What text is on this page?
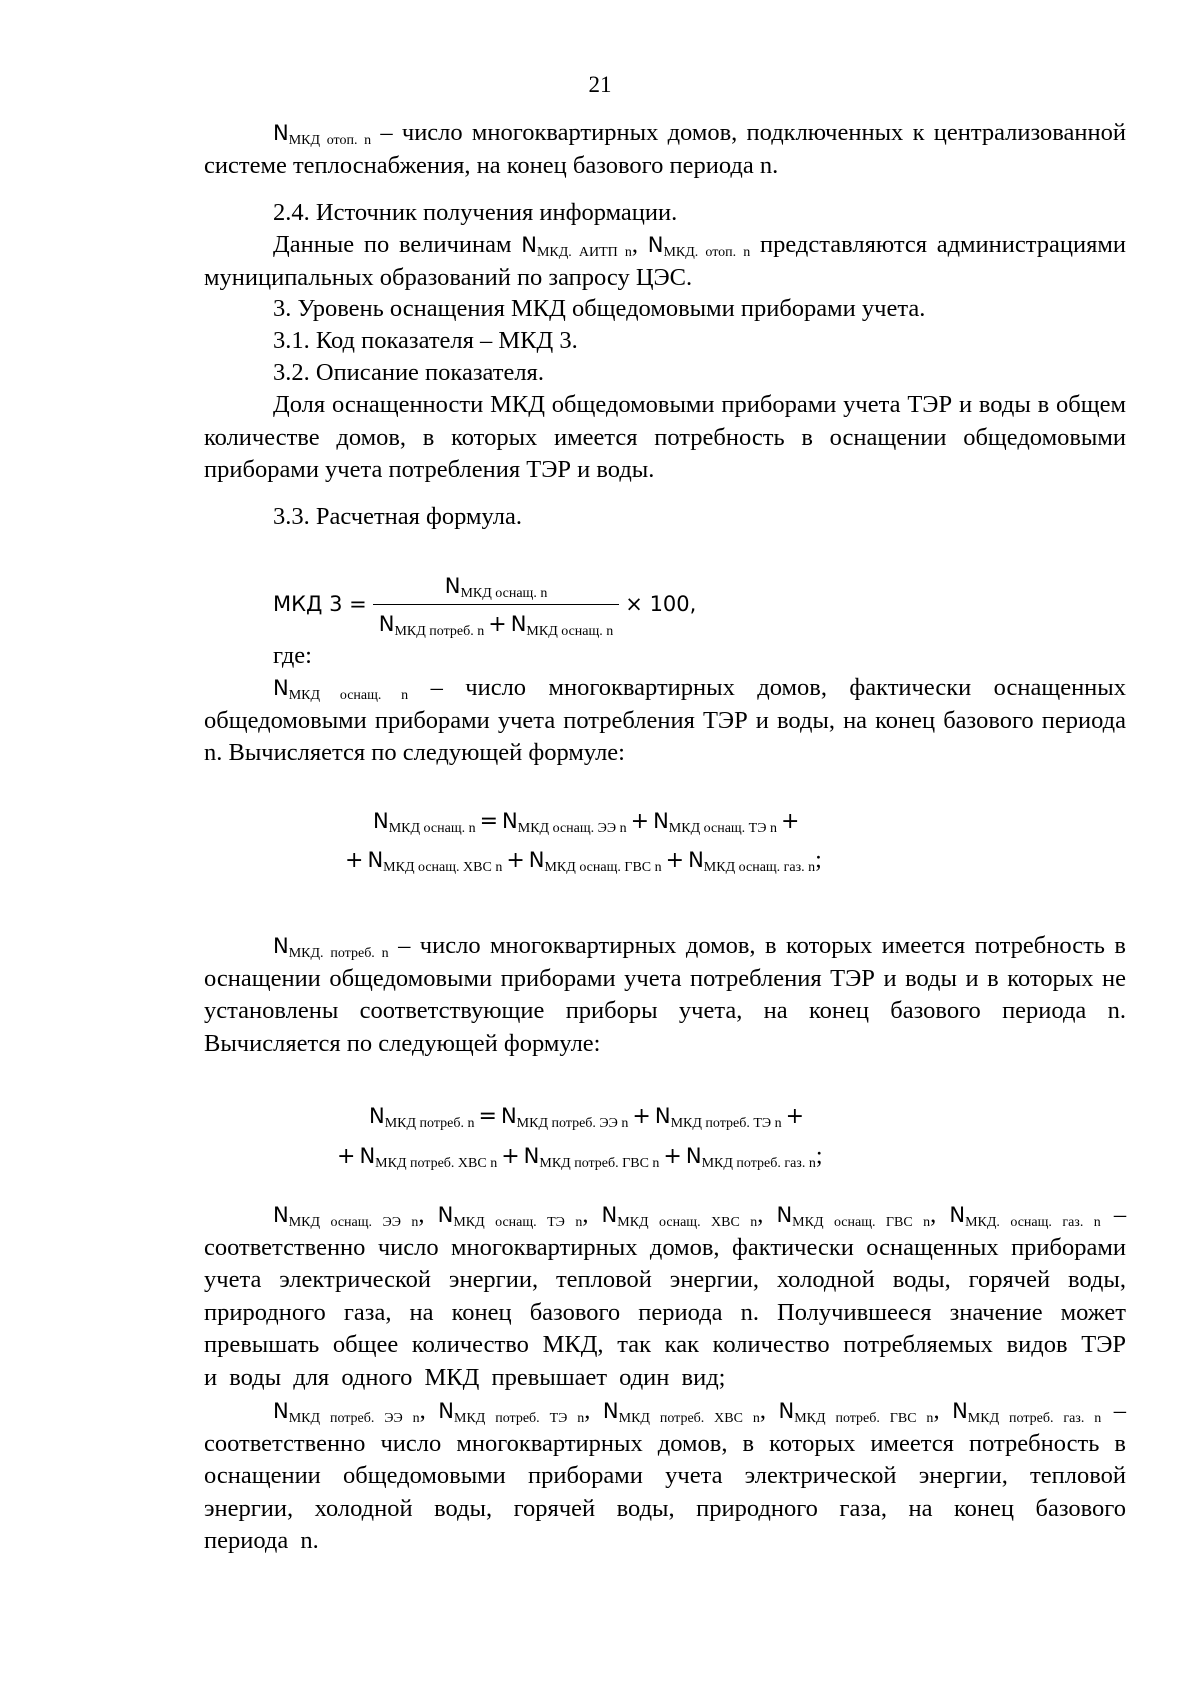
21

$N_{МКД отоп. n}$ – число многоквартирных домов, подключенных к централизованной системе теплоснабжения, на конец базового периода n.

2.4. Источник получения информации.

Данные по величинам $N_{МКД. АИТП n}$, $N_{МКД. отоп. n}$ представляются администрациями муниципальных образований по запросу ЦЭС.

3. Уровень оснащения МКД общедомовыми приборами учета.

3.1. Код показателя – МКД 3.

3.2. Описание показателя.

Доля оснащенности МКД общедомовыми приборами учета ТЭР и воды в общем количестве домов, в которых имеется потребность в оснащении общедомовыми приборами учета потребления ТЭР и воды.

3.3. Расчетная формула.

МКД $3 = \frac{N_{МКД оснащ. n}}{N_{МКД потреб. n} + N_{МКД оснащ. n}} \times 100$,

где:

$N_{МКД оснащ. n}$ – число многоквартирных домов, фактически оснащенных общедомовыми приборами учета потребления ТЭР и воды, на конец базового периода n. Вычисляется по следующей формуле:

$N_{МКД оснащ. n} = N_{МКД оснащ. ЭЭ n} + N_{МКД оснащ. ТЭ n}$ +
+ $N_{МКД оснащ. ХВС n} + N_{МКД оснащ. ГВС n} + N_{МКД оснащ. газ. n}$;

$N_{МКД. потреб. n}$ – число многоквартирных домов, в которых имеется потребность в оснащении общедомовыми приборами учета потребления ТЭР и воды и в которых не установлены соответствующие приборы учета, на конец базового периода n. Вычисляется по следующей формуле:

$N_{МКД потреб. n} = N_{МКД потреб. ЭЭ n} + N_{МКД потреб. ТЭ n}$ +
+ $N_{МКД потреб. ХВС n} + N_{МКД потреб. ГВС n} + N_{МКД потреб. газ. n}$;

$N_{МКД оснащ. ЭЭ n}$, $N_{МКД оснащ. ТЭ n}$, $N_{МКД оснащ. ХВС n}$, $N_{МКД оснащ. ГВС n}$, $N_{МКД. оснащ. газ. n}$ – соответственно число многоквартирных домов, фактически оснащенных приборами учета электрической энергии, тепловой энергии, холодной воды, горячей воды, природного газа, на конец базового периода n. Получившееся значение может превышать общее количество МКД, так как количество потребляемых видов ТЭР и воды для одного МКД превышает один вид;

$N_{МКД потреб. ЭЭ n}$, $N_{МКД потреб. ТЭ n}$, $N_{МКД потреб. ХВС n}$, $N_{МКД потреб. ГВС n}$, $N_{МКД потреб. газ. n}$ – соответственно число многоквартирных домов, в которых имеется потребность в оснащении общедомовыми приборами учета электрической энергии, тепловой энергии, холодной воды, горячей воды, природного газа, на конец базового периода n.
